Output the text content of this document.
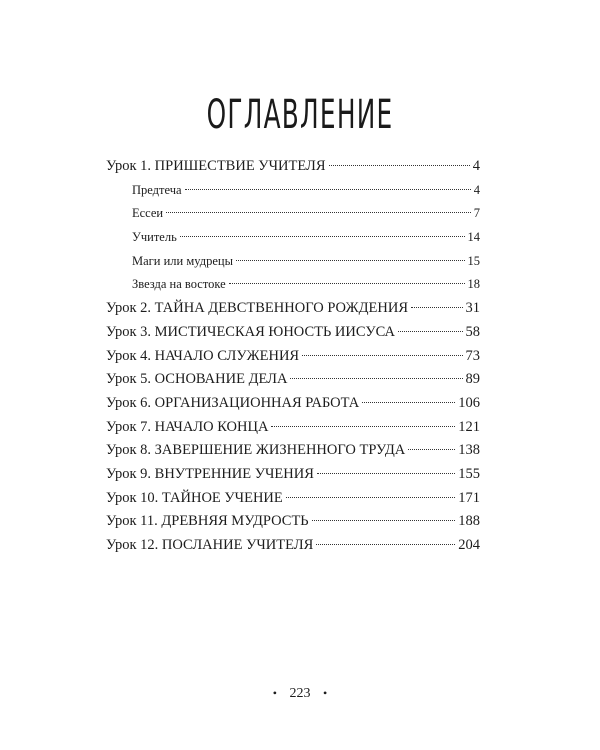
ОГЛАВЛЕНИЕ
Урок 1. ПРИШЕСТВИЕ УЧИТЕЛЯ	4
Предтеча	4
Ессеи	7
Учитель	14
Маги или мудрецы	15
Звезда на востоке	18
Урок 2. ТАЙНА ДЕВСТВЕННОГО РОЖДЕНИЯ	31
Урок 3. МИСТИЧЕСКАЯ ЮНОСТЬ ИИСУСА	58
Урок 4. НАЧАЛО СЛУЖЕНИЯ	73
Урок 5. ОСНОВАНИЕ ДЕЛА	89
Урок 6. ОРГАНИЗАЦИОННАЯ РАБОТА	106
Урок 7. НАЧАЛО КОНЦА	121
Урок 8. ЗАВЕРШЕНИЕ ЖИЗНЕННОГО ТРУДА	138
Урок 9. ВНУТРЕННИЕ УЧЕНИЯ	155
Урок 10. ТАЙНОЕ УЧЕНИЕ	171
Урок 11. ДРЕВНЯЯ МУДРОСТЬ	188
Урок 12. ПОСЛАНИЕ УЧИТЕЛЯ	204
• 223 •
